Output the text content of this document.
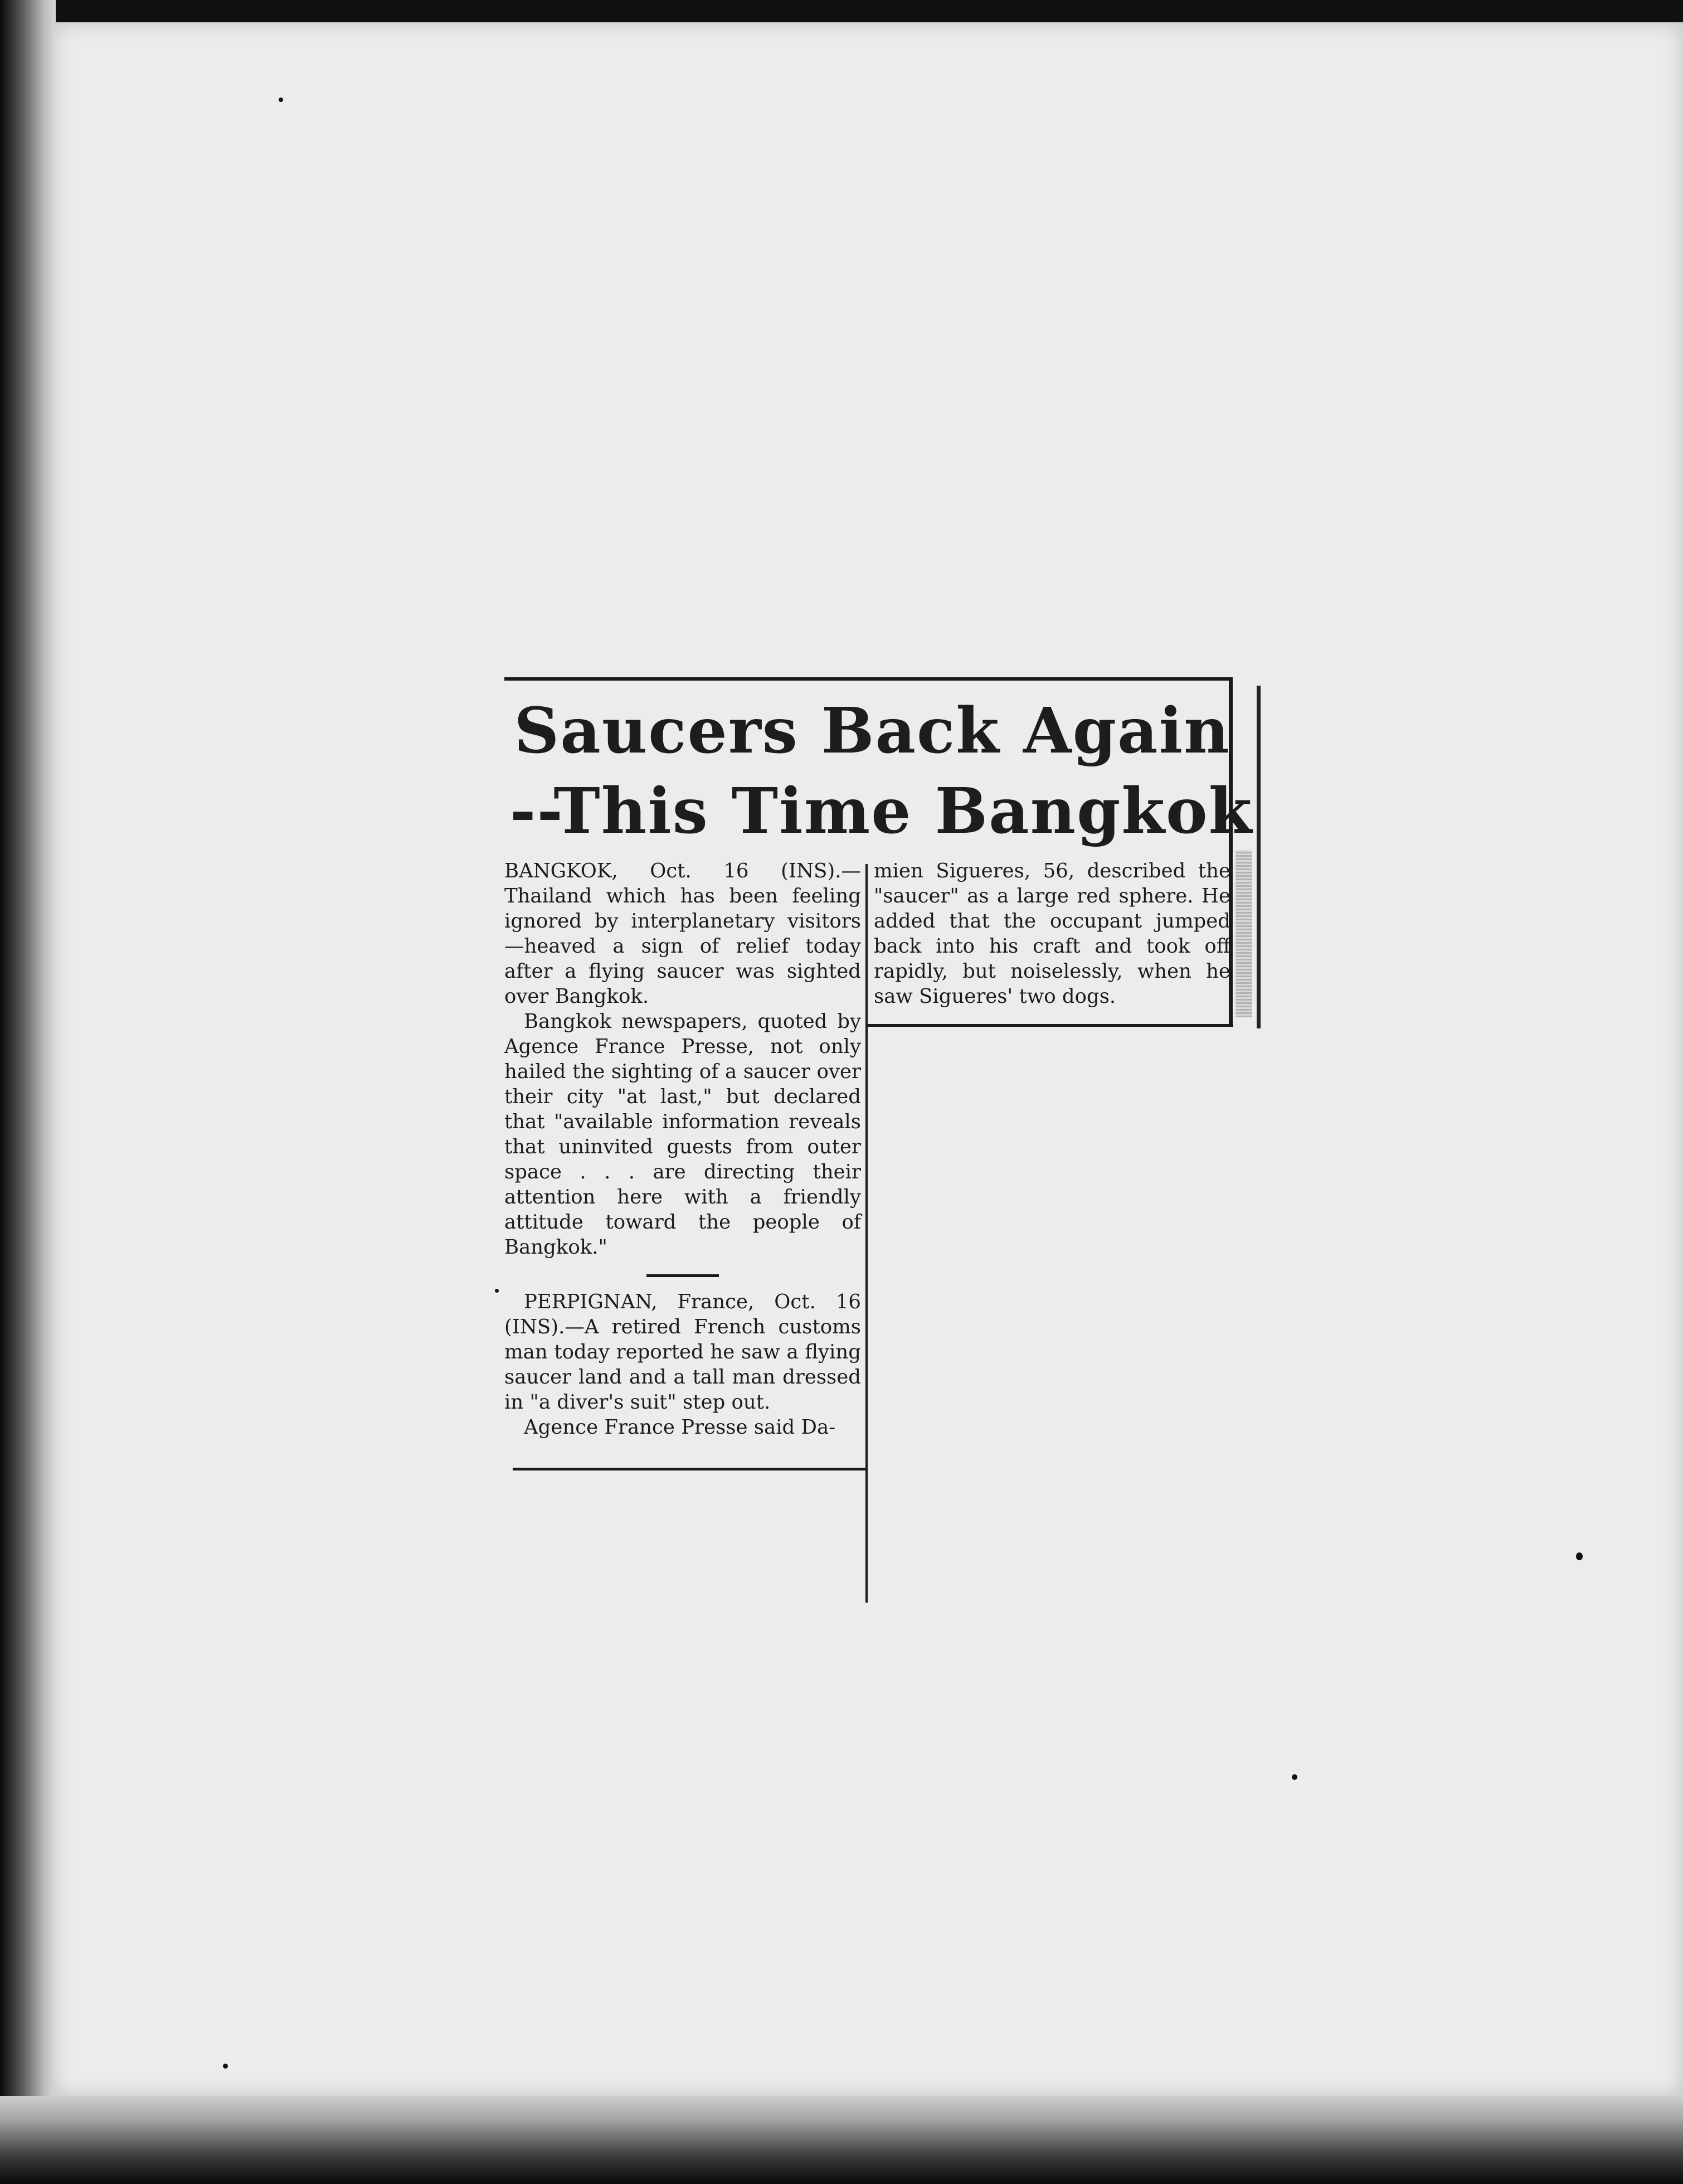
Saucers Back Again
--This Time Bangkok

BANGKOK, Oct. 16 (INS).—Thailand which has been feeling ignored by interplanetary visitors—heaved a sign of relief today after a flying saucer was sighted over Bangkok.

Bangkok newspapers, quoted by Agence France Presse, not only hailed the sighting of a saucer over their city "at last," but declared that "available information reveals that uninvited guests from outer space . . . are directing their attention here with a friendly attitude toward the people of Bangkok."

PERPIGNAN, France, Oct. 16 (INS).—A retired French customs man today reported he saw a flying saucer land and a tall man dressed in "a diver's suit" step out.

Agence France Presse said Da-

mien Sigueres, 56, described the "saucer" as a large red sphere. He added that the occupant jumped back into his craft and took off rapidly, but noiselessly, when he saw Sigueres' two dogs.
